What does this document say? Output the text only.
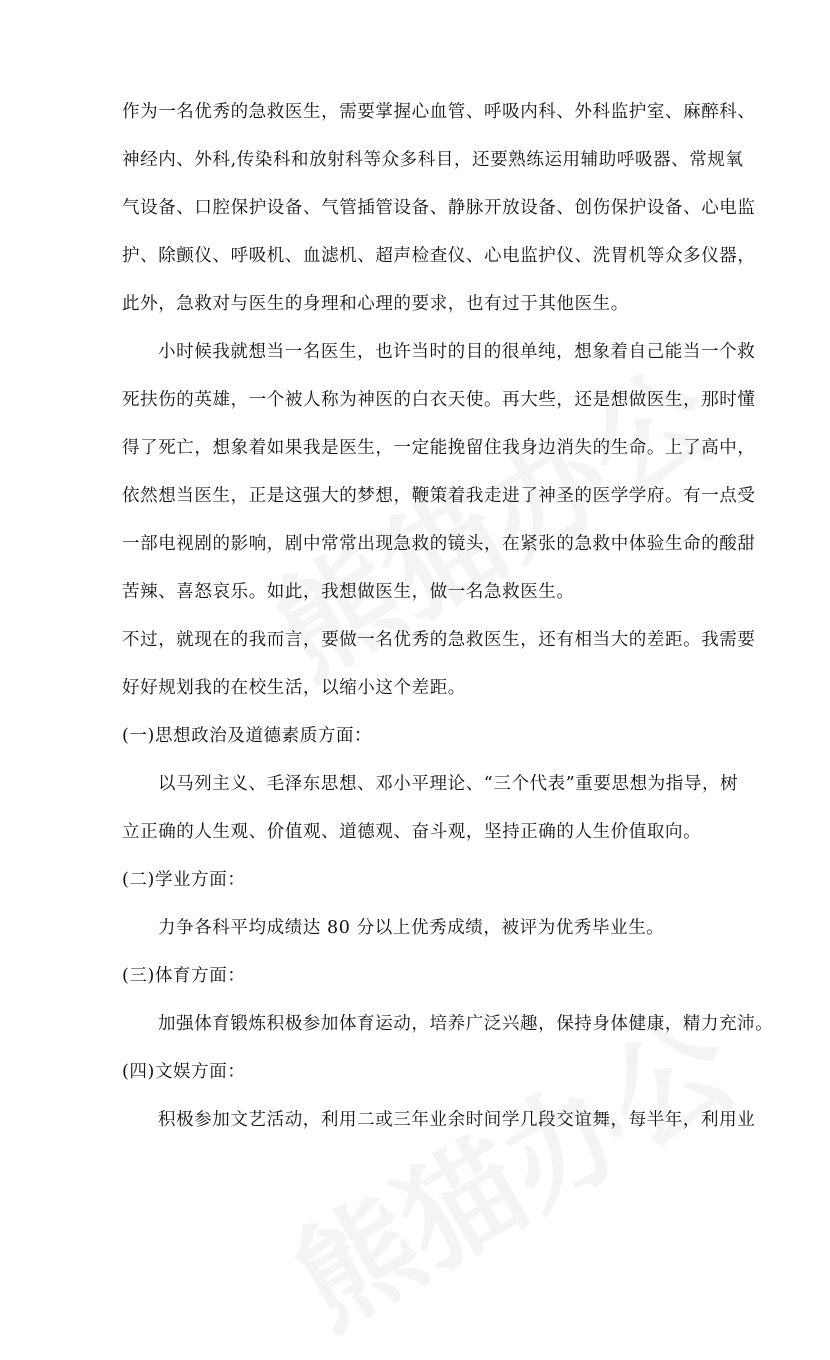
作为一名优秀的急救医生，需要掌握心血管、呼吸内科、外科监护室、麻醉科、
神经内、外科,传染科和放射科等众多科目，还要熟练运用辅助呼吸器、常规氧
气设备、口腔保护设备、气管插管设备、静脉开放设备、创伤保护设备、心电监
护、除颤仪、呼吸机、血滤机、超声检查仪、心电监护仪、洗胃机等众多仪器，
此外，急救对与医生的身理和心理的要求，也有过于其他医生。
小时候我就想当一名医生，也许当时的目的很单纯，想象着自己能当一个救
死扶伤的英雄，一个被人称为神医的白衣天使。再大些，还是想做医生，那时懂
得了死亡，想象着如果我是医生，一定能挽留住我身边消失的生命。上了高中，
依然想当医生，正是这强大的梦想，鞭策着我走进了神圣的医学学府。有一点受
一部电视剧的影响，剧中常常出现急救的镜头，在紧张的急救中体验生命的酸甜
苦辣、喜怒哀乐。如此，我想做医生，做一名急救医生。
不过，就现在的我而言，要做一名优秀的急救医生，还有相当大的差距。我需要
好好规划我的在校生活，以缩小这个差距。
(一)思想政治及道德素质方面：
以马列主义、毛泽东思想、邓小平理论、“三个代表”重要思想为指导，树
立正确的人生观、价值观、道德观、奋斗观，坚持正确的人生价值取向。
(二)学业方面：
力争各科平均成绩达 80 分以上优秀成绩，被评为优秀毕业生。
(三)体育方面：
加强体育锻炼积极参加体育运动，培养广泛兴趣，保持身体健康，精力充沛。
(四)文娱方面：
积极参加文艺活动，利用二或三年业余时间学几段交谊舞，每半年，利用业
